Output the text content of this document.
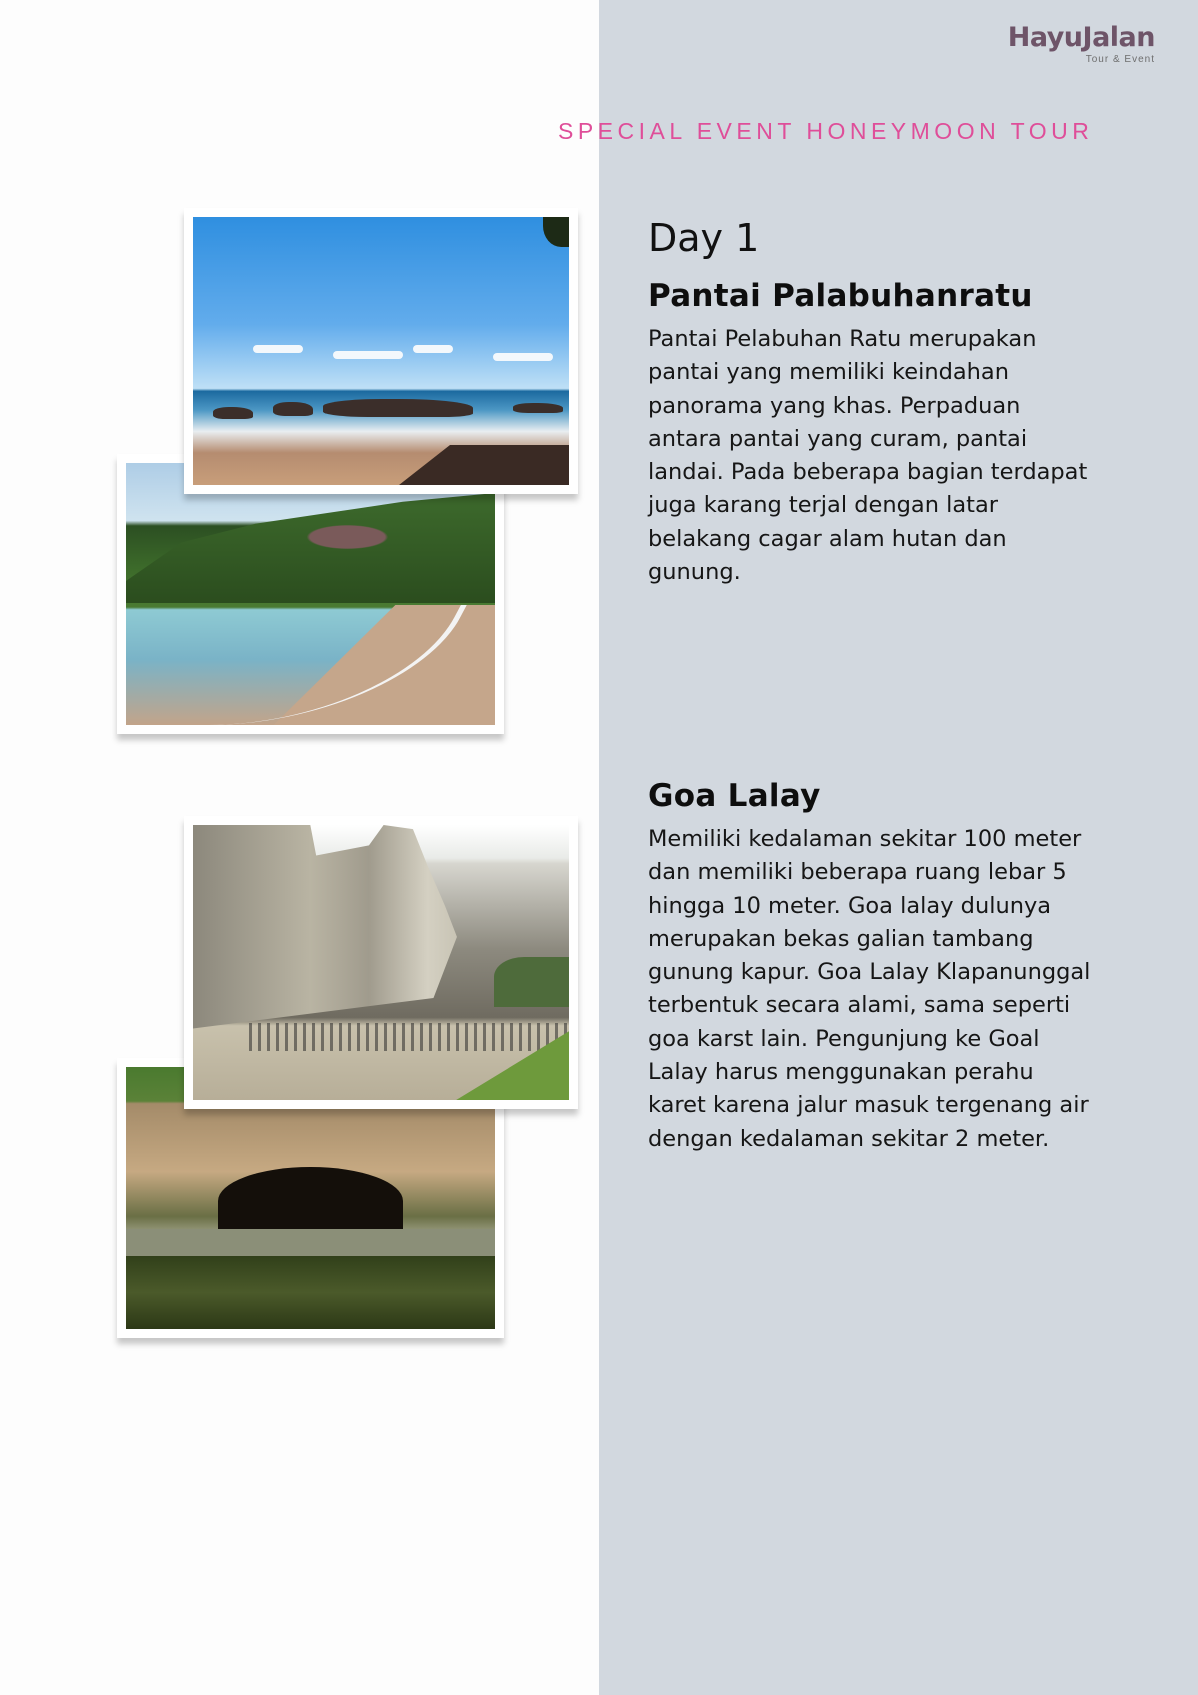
HayuJalan
Tour & Event
SPECIAL EVENT HONEYMOON TOUR
Day 1
Pantai Palabuhanratu

Pantai Pelabuhan Ratu merupakan pantai yang memiliki keindahan panorama yang khas. Perpaduan antara pantai yang curam, pantai landai. Pada beberapa bagian terdapat juga karang terjal dengan latar belakang cagar alam hutan dan gunung.

Goa Lalay

Memiliki kedalaman sekitar 100 meter dan memiliki beberapa ruang lebar 5 hingga 10 meter. Goa lalay dulunya merupakan bekas galian tambang gunung kapur. Goa Lalay Klapanunggal terbentuk secara alami, sama seperti goa karst lain. Pengunjung ke Goal Lalay harus menggunakan perahu karet karena jalur masuk tergenang air dengan kedalaman sekitar 2 meter.
